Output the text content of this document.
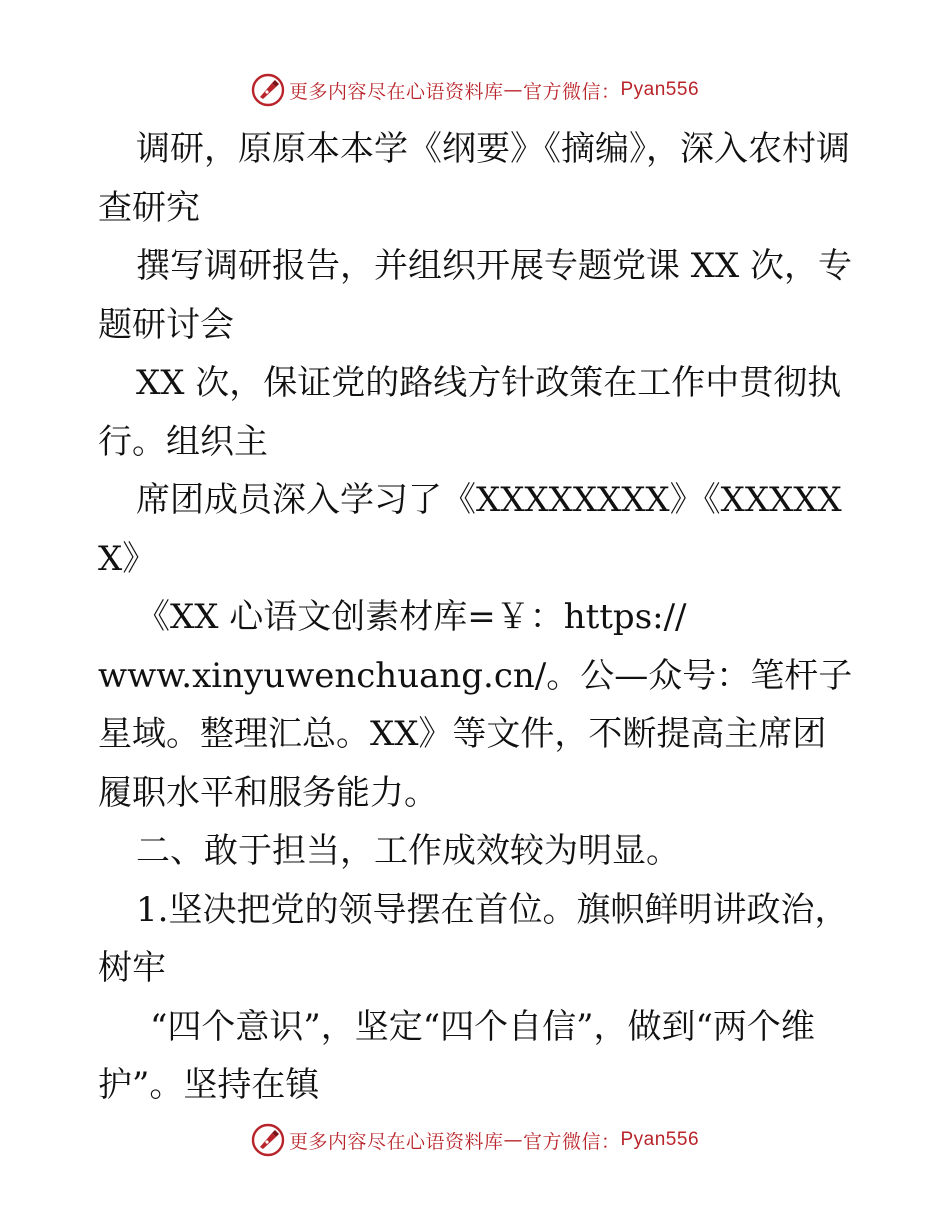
更多内容尽在心语资料库 — 官方微信： Pyan556

调研，原原本本学《纲要》《摘编》，深入农村调查研究

撰写调研报告，并组织开展专题党课 XX 次，专题研讨会

XX 次，保证党的路线方针政策在工作中贯彻执行。组织主

席团成员深入学习了《XXXXXXXX》《XXXXXX》

《XX 心语文创素材库=￥：https://

www.xinyuwenchuang.cn/。公—众号：笔杆子星域。整理汇总。XX》等文件，不断提高主席团履职水平和服务能力。

二、敢于担当，工作成效较为明显。

1.坚决把党的领导摆在首位。旗帜鲜明讲政治，树牢

“四个意识”，坚定“四个自信”，做到“两个维护”。坚持在镇

更多内容尽在心语资料库 — 官方微信： Pyan556
